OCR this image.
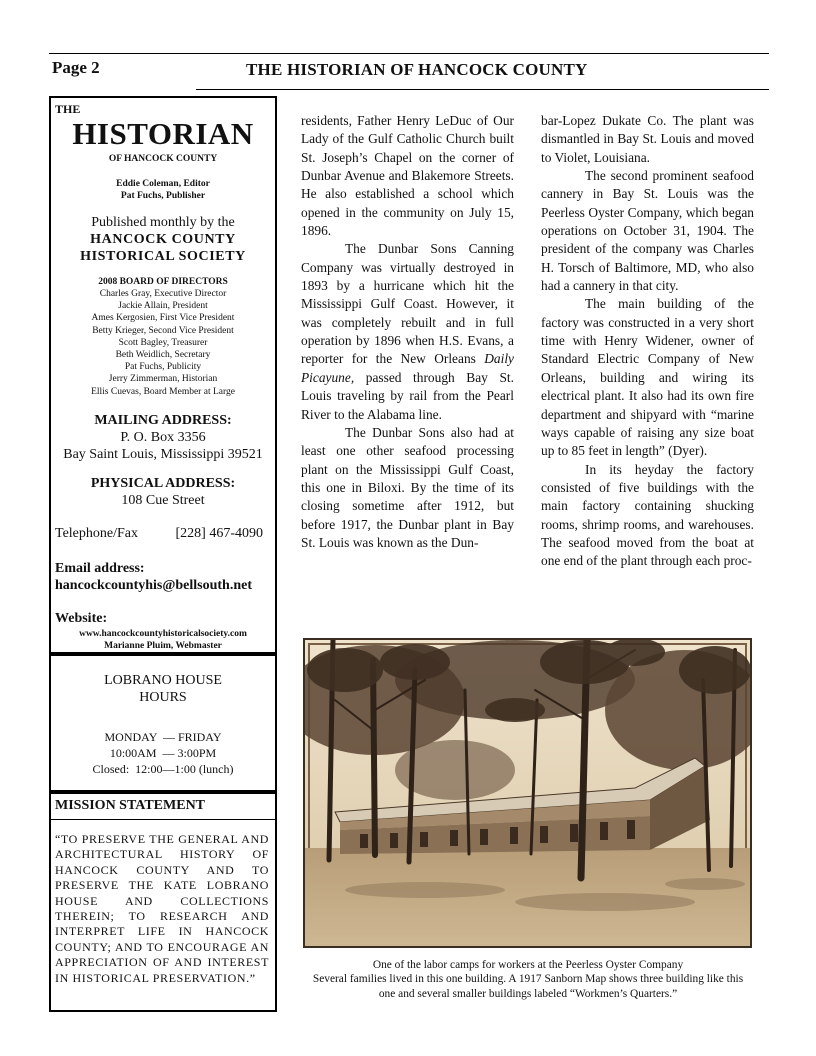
Page 2	THE HISTORIAN OF HANCOCK COUNTY
THE
HISTORIAN
OF HANCOCK COUNTY
Eddie Coleman, Editor
Pat Fuchs, Publisher
Published monthly by the
HANCOCK COUNTY
HISTORICAL SOCIETY
2008 BOARD OF DIRECTORS
Charles Gray, Executive Director
Jackie Allain, President
Ames Kergosien, First Vice President
Betty Krieger, Second Vice President
Scott Bagley, Treasurer
Beth Weidlich, Secretary
Pat Fuchs, Publicity
Jerry Zimmerman, Historian
Ellis Cuevas, Board Member at Large
MAILING ADDRESS:
P. O. Box 3356
Bay Saint Louis, Mississippi 39521
PHYSICAL ADDRESS:
108 Cue Street
Telephone/Fax	[228] 467-4090
Email address:
hancockcountyhis@bellsouth.net
Website:
www.hancockcountyhistoricalsociety.com
Marianne Pluim, Webmaster
LOBRANO HOUSE
HOURS
MONDAY  — FRIDAY
10:00AM  — 3:00PM
Closed:  12:00—1:00 (lunch)
MISSION STATEMENT
“TO PRESERVE THE GENERAL AND ARCHITECTURAL HISTORY OF HANCOCK COUNTY AND TO PRESERVE THE KATE LOBRANO HOUSE AND COLLECTIONS THEREIN; TO RESEARCH AND INTERPRET LIFE IN HANCOCK COUNTY; AND TO ENCOURAGE AN APPRECIATION OF AND INTEREST IN HISTORICAL PRESERVATION.”

residents, Father Henry LeDuc of Our Lady of the Gulf Catholic Church built St. Joseph’s Chapel on the corner of Dunbar Avenue and Blakemore Streets. He also established a school which opened in the community on July 15, 1896.

The Dunbar Sons Canning Company was virtually destroyed in 1893 by a hurricane which hit the Mississippi Gulf Coast. However, it was completely rebuilt and in full operation by 1896 when H.S. Evans, a reporter for the New Orleans Daily Picayune, passed through Bay St. Louis traveling by rail from the Pearl River to the Alabama line.

The Dunbar Sons also had at least one other seafood processing plant on the Mississippi Gulf Coast, this one in Biloxi. By the time of its closing sometime after 1912, but before 1917, the Dunbar plant in Bay St. Louis was known as the Dun-

bar-Lopez Dukate Co. The plant was dismantled in Bay St. Louis and moved to Violet, Louisiana.

The second prominent seafood cannery in Bay St. Louis was the Peerless Oyster Company, which began operations on October 31, 1904. The president of the company was Charles H. Torsch of Baltimore, MD, who also had a cannery in that city.

The main building of the factory was constructed in a very short time with Henry Widener, owner of Standard Electric Company of New Orleans, building and wiring its electrical plant. It also had its own fire department and shipyard with “marine ways capable of raising any size boat up to 85 feet in length” (Dyer).

In its heyday the factory consisted of five buildings with the main factory containing shucking rooms, shrimp rooms, and warehouses. The seafood moved from the boat at one end of the plant through each proc-

One of the labor camps for workers at the Peerless Oyster Company
Several families lived in this one building. A 1917 Sanborn Map shows three building like this one and several smaller buildings labeled “Workmen’s Quarters.”
